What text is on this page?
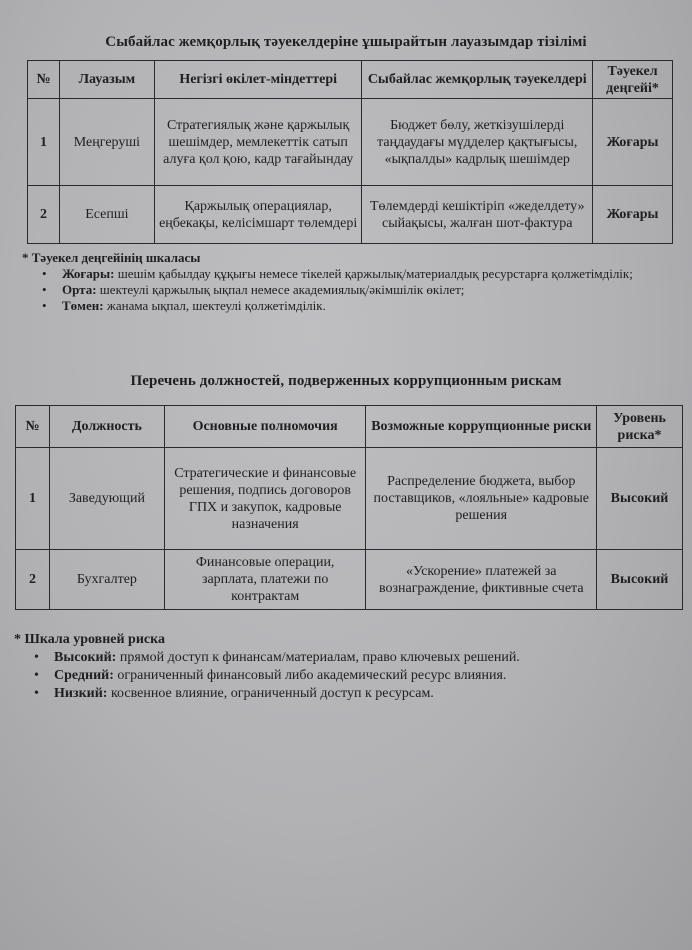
Сыбайлас жемқорлық тәуекелдеріне ұшырайтын лауазымдар тізілімі
№	Лауазым	Негізгі өкілет-міндеттері	Сыбайлас жемқорлық тәуекелдері	Тәуекел деңгейі*
1	Меңгеруші	Стратегиялық және қаржылық шешімдер, мемлекеттік сатып алуға қол қою, кадр тағайындау	Бюджет бөлу, жеткізушілерді таңдаудағы мүдделер қақтығысы, «ықпалды» кадрлық шешімдер	Жоғары
2	Есепші	Қаржылық операциялар, еңбекақы, келісімшарт төлемдері	Төлемдерді кешіктіріп «жеделдету» сыйақысы, жалған шот-фактура	Жоғары
* Тәуекел деңгейінің шкаласы
• Жоғары: шешім қабылдау құқығы немесе тікелей қаржылық/материалдық ресурстарға қолжетімділік;
• Орта: шектеулі қаржылық ықпал немесе академиялық/әкімшілік өкілет;
• Төмен: жанама ықпал, шектеулі қолжетімділік.
Перечень должностей, подверженных коррупционным рискам
№	Должность	Основные полномочия	Возможные коррупционные риски	Уровень риска*
1	Заведующий	Стратегические и финансовые решения, подпись договоров ГПХ и закупок, кадровые назначения	Распределение бюджета, выбор поставщиков, «лояльные» кадровые решения	Высокий
2	Бухгалтер	Финансовые операции, зарплата, платежи по контрактам	«Ускорение» платежей за вознаграждение, фиктивные счета	Высокий
* Шкала уровней риска
• Высокий: прямой доступ к финансам/материалам, право ключевых решений.
• Средний: ограниченный финансовый либо академический ресурс влияния.
• Низкий: косвенное влияние, ограниченный доступ к ресурсам.
